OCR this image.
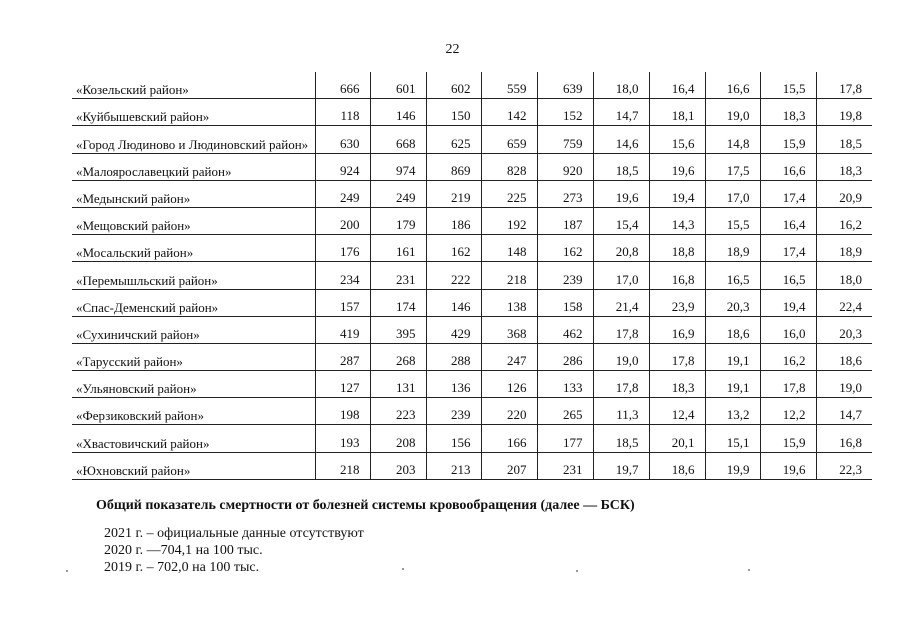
22
«Козельский район»	666	601	602	559	639	18,0	16,4	16,6	15,5	17,8
«Куйбышевский район»	118	146	150	142	152	14,7	18,1	19,0	18,3	19,8
«Город Людиново и Людиновский район»	630	668	625	659	759	14,6	15,6	14,8	15,9	18,5
«Малоярославецкий район»	924	974	869	828	920	18,5	19,6	17,5	16,6	18,3
«Медынский район»	249	249	219	225	273	19,6	19,4	17,0	17,4	20,9
«Мещовский район»	200	179	186	192	187	15,4	14,3	15,5	16,4	16,2
«Мосальский район»	176	161	162	148	162	20,8	18,8	18,9	17,4	18,9
«Перемышльский район»	234	231	222	218	239	17,0	16,8	16,5	16,5	18,0
«Спас-Деменский район»	157	174	146	138	158	21,4	23,9	20,3	19,4	22,4
«Сухиничский район»	419	395	429	368	462	17,8	16,9	18,6	16,0	20,3
«Тарусский район»	287	268	288	247	286	19,0	17,8	19,1	16,2	18,6
«Ульяновский район»	127	131	136	126	133	17,8	18,3	19,1	17,8	19,0
«Ферзиковский район»	198	223	239	220	265	11,3	12,4	13,2	12,2	14,7
«Хвастовичский район»	193	208	156	166	177	18,5	20,1	15,1	15,9	16,8
«Юхновский район»	218	203	213	207	231	19,7	18,6	19,9	19,6	22,3
Общий показатель смертности от болезней системы кровообращения (далее — БСК)
2021 г. – официальные данные отсутствуют
2020 г. —704,1 на 100 тыс.
2019 г. – 702,0 на 100 тыс.
